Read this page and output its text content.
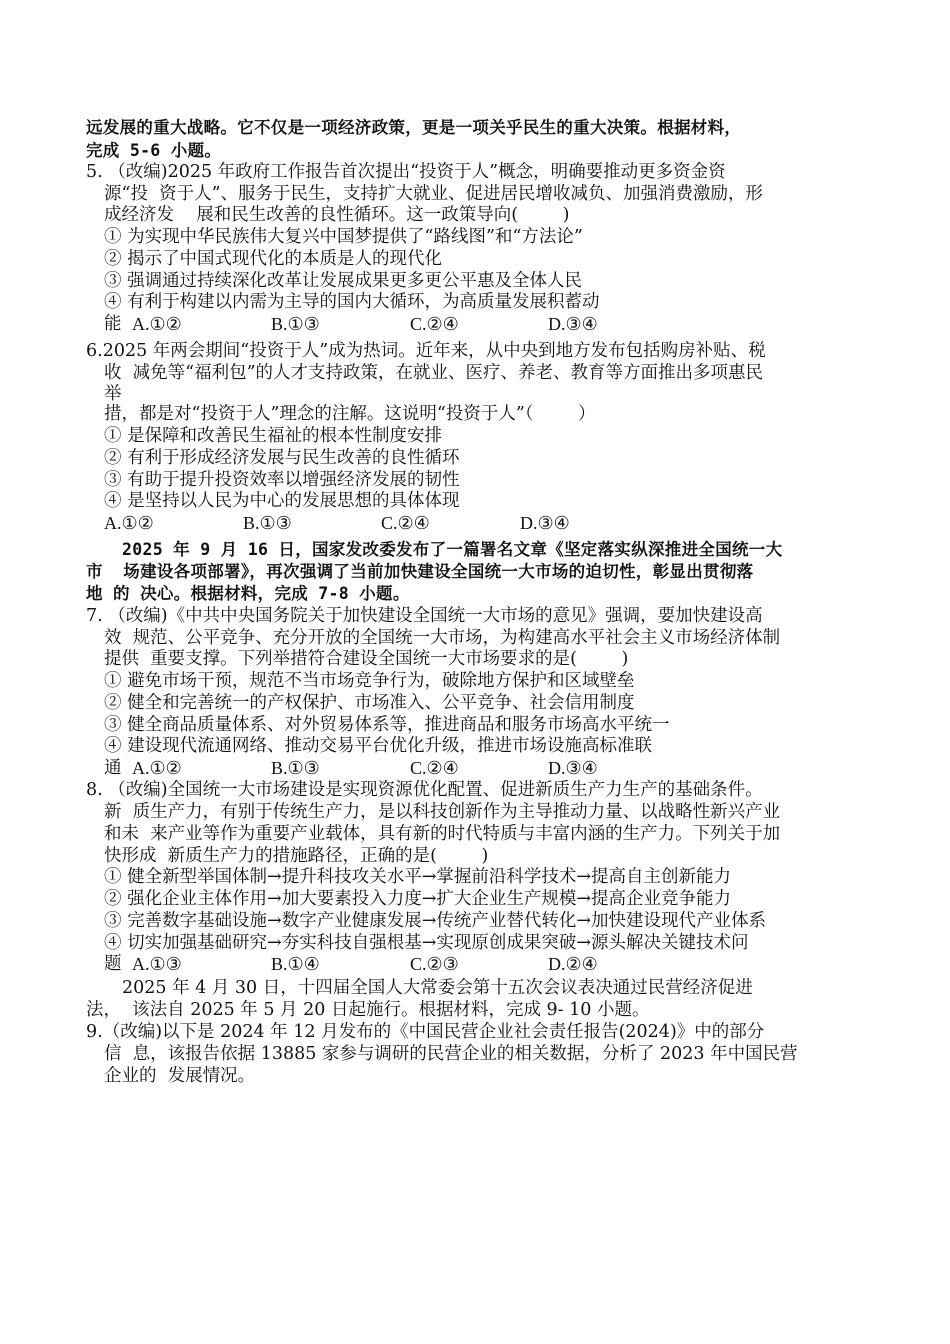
远发展的重大战略。它不仅是一项经济政策，更是一项关乎民生的重大决策。根据材料，
完成 5-6 小题。
5. （改编)2025 年政府工作报告首次提出“投资于人”概念，明确要推动更多资金资
源“投  资于人”、服务于民生，支持扩大就业、促进居民增收减负、加强消费激励，形
成经济发    展和民生改善的良性循环。这一政策导向(        )
① 为实现中华民族伟大复兴中国梦提供了“路线图”和“方法论”
② 揭示了中国式现代化的本质是人的现代化
③ 强调通过持续深化改革让发展成果更多更公平惠及全体人民
④ 有利于构建以内需为主导的国内大循环，为高质量发展积蓄动
能 A.①②	B.①③	C.②④	D.③④
6.2025 年两会期间“投资于人”成为热词。近年来，从中央到地方发布包括购房补贴、税
收  减免等“福利包”的人才支持政策，在就业、医疗、养老、教育等方面推出多项惠民
举
措，都是对“投资于人”理念的注解。这说明“投资于人”（        ）
① 是保障和改善民生福祉的根本性制度安排
② 有利于形成经济发展与民生改善的良性循环
③ 有助于提升投资效率以增强经济发展的韧性
④ 是坚持以人民为中心的发展思想的具体体现
A.①②	B.①③	C.②④	D.③④
2025 年 9 月 16 日，国家发改委发布了一篇署名文章《坚定落实纵深推进全国统一大
市  场建设各项部署》，再次强调了当前加快建设全国统一大市场的迫切性，彰显出贯彻落
地 的 决心。根据材料，完成 7-8 小题。
7. （改编)《中共中央国务院关于加快建设全国统一大市场的意见》强调，要加快建设高
效  规范、公平竞争、充分开放的全国统一大市场，为构建高水平社会主义市场经济体制
提供  重要支撑。下列举措符合建设全国统一大市场要求的是(        )
① 避免市场干预，规范不当市场竞争行为，破除地方保护和区域壁垒
② 健全和完善统一的产权保护、市场准入、公平竞争、社会信用制度
③ 健全商品质量体系、对外贸易体系等，推进商品和服务市场高水平统一
④ 建设现代流通网络、推动交易平台优化升级，推进市场设施高标准联
通 A.①②	B.①③	C.②④	D.③④
8. （改编)全国统一大市场建设是实现资源优化配置、促进新质生产力生产的基础条件。
新  质生产力，有别于传统生产力，是以科技创新作为主导推动力量、以战略性新兴产业
和未  来产业等作为重要产业载体，具有新的时代特质与丰富内涵的生产力。下列关于加
快形成  新质生产力的措施路径，正确的是(        )
① 健全新型举国体制→提升科技攻关水平→掌握前沿科学技术→提高自主创新能力
② 强化企业主体作用→加大要素投入力度→扩大企业生产规模→提高企业竞争能力
③ 完善数字基础设施→数字产业健康发展→传统产业替代转化→加快建设现代产业体系
④ 切实加强基础研究→夯实科技自强根基→实现原创成果突破→源头解决关键技术问
题 A.①③	B.①④	C.②③	D.②④
2025 年 4 月 30 日，十四届全国人大常委会第十五次会议表决通过民营经济促进
法，  该法自 2025 年 5 月 20 日起施行。根据材料，完成 9- 10 小题。
9.（改编)以下是 2024 年 12 月发布的《中国民营企业社会责任报告(2024)》中的部分
信  息，该报告依据 13885 家参与调研的民营企业的相关数据，分析了 2023 年中国民营
企业的  发展情况。
